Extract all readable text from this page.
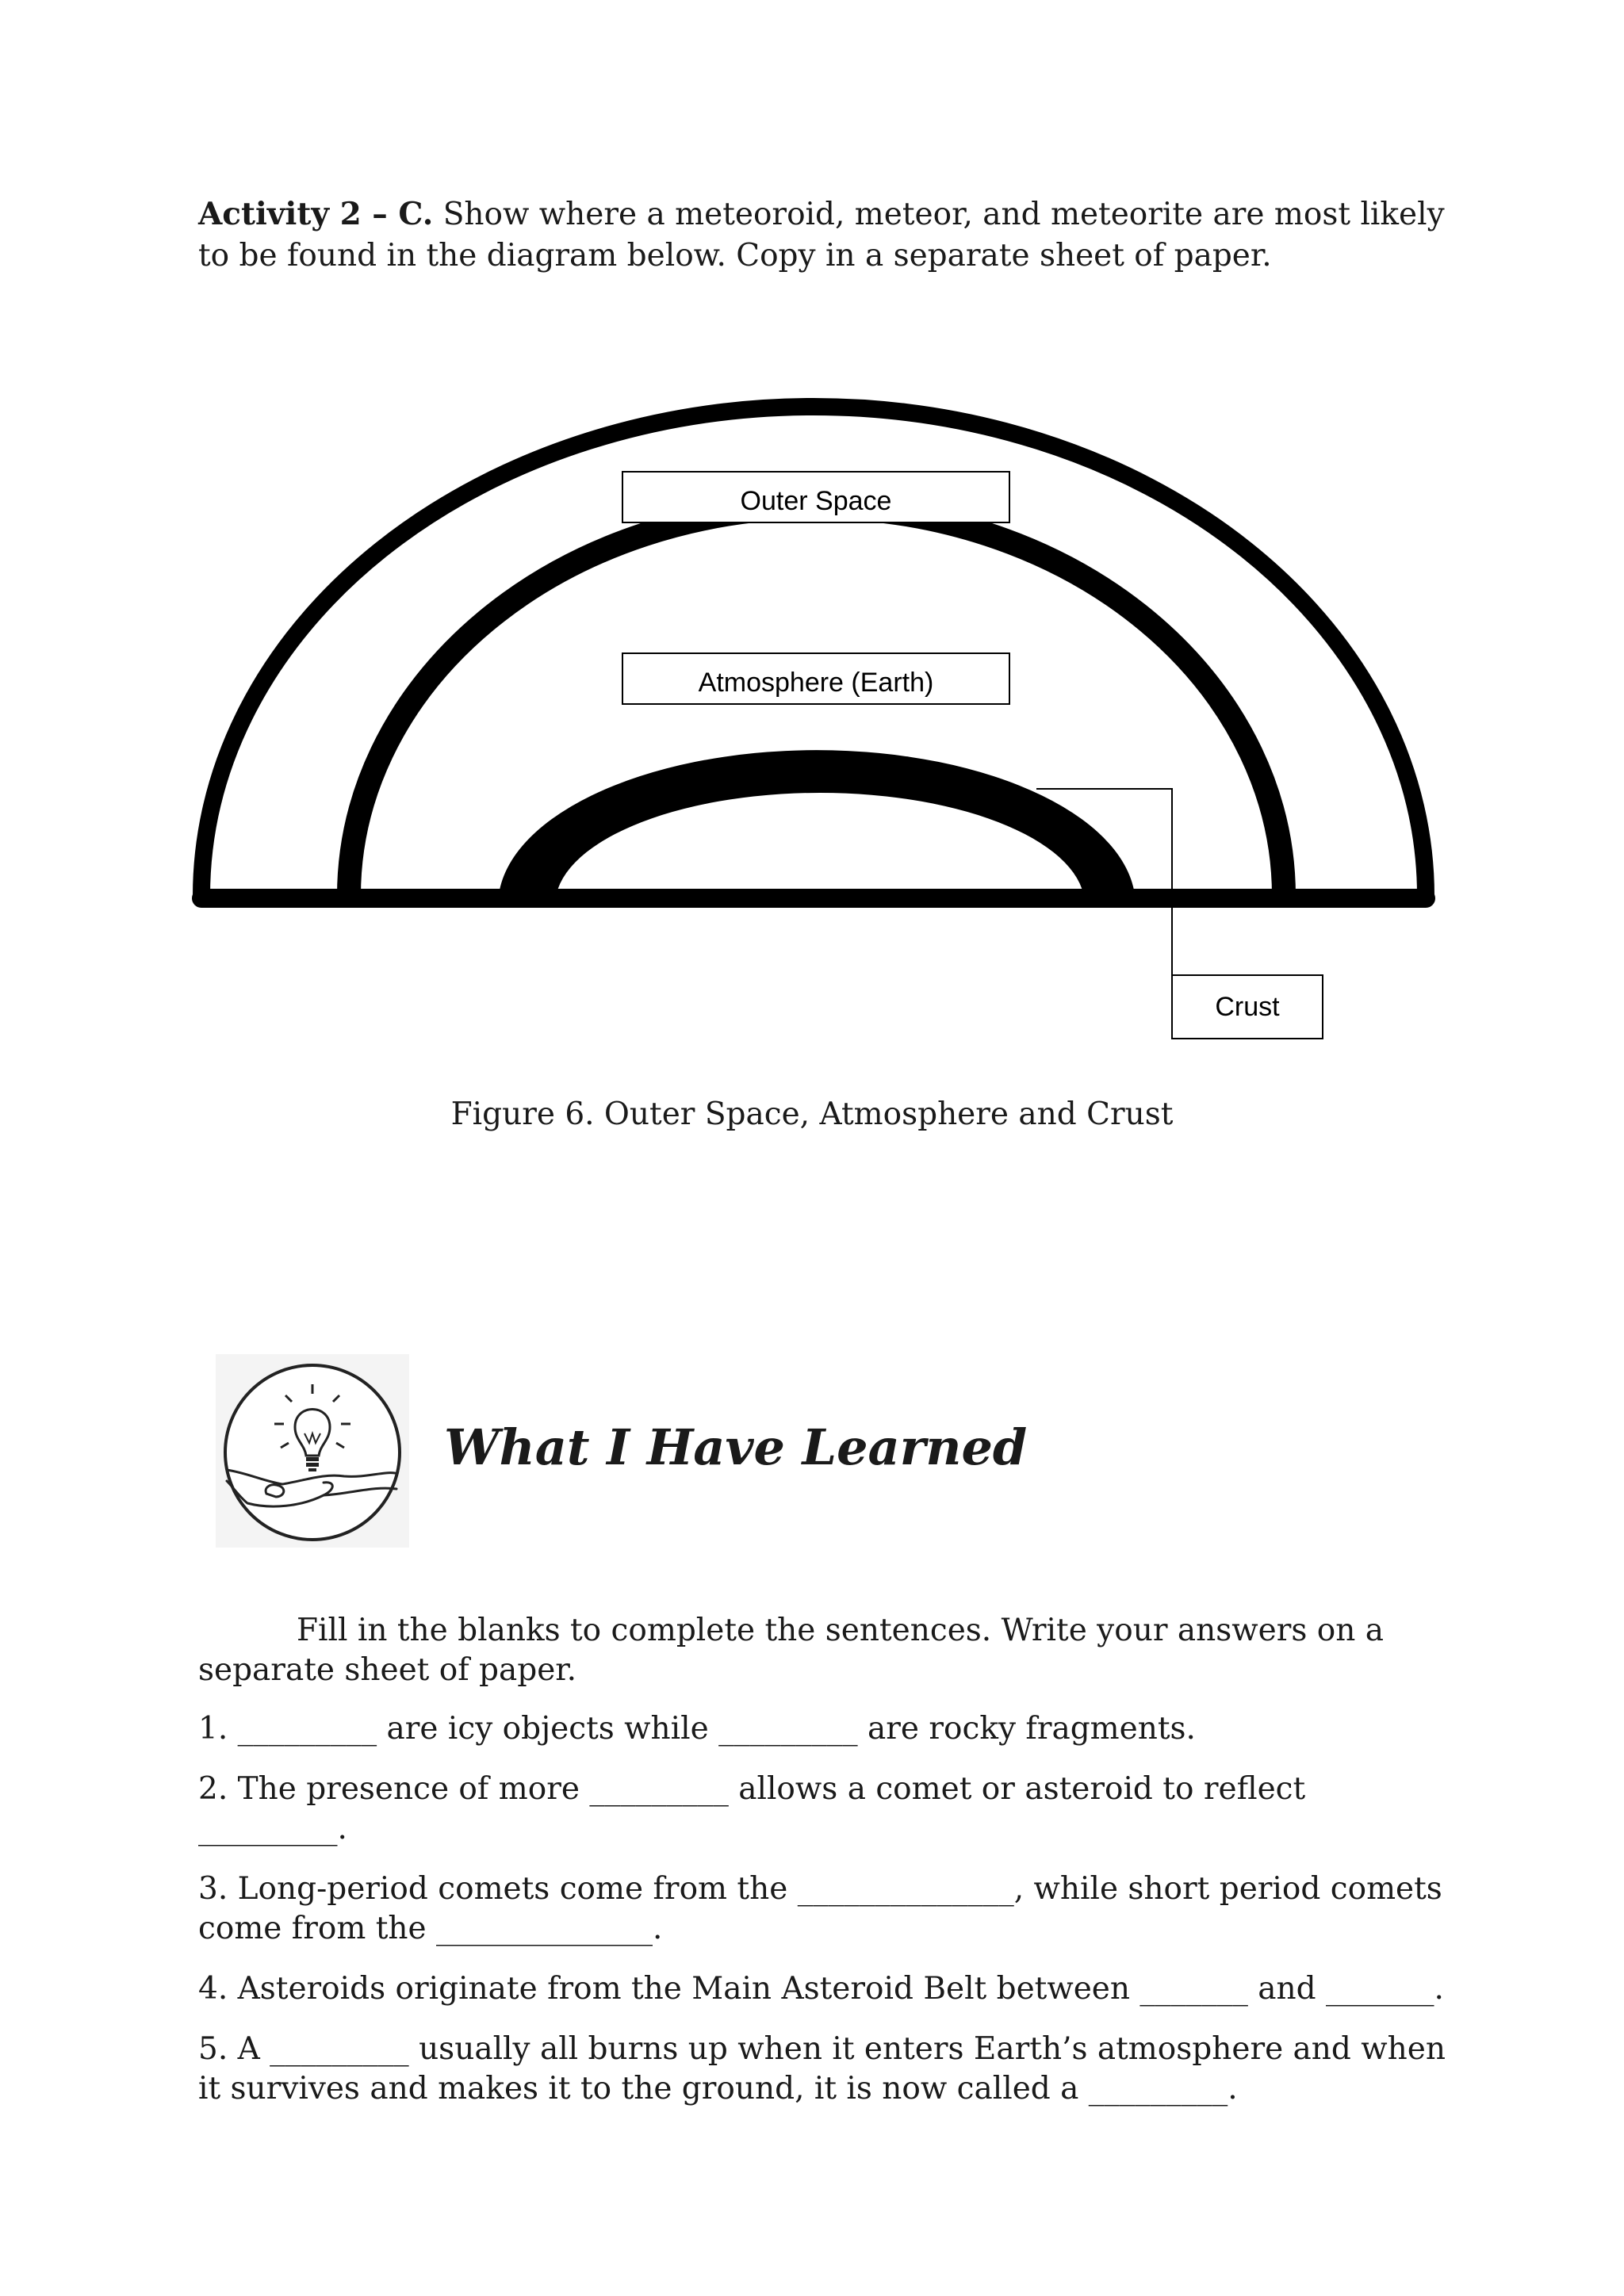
Activity 2 – C. Show where a meteoroid, meteor, and meteorite are most likely to be found in the diagram below. Copy in a separate sheet of paper.
Outer Space
Atmosphere (Earth)
Crust
Figure 6. Outer Space, Atmosphere and Crust
What I Have Learned
Fill in the blanks to complete the sentences. Write your answers on a separate sheet of paper.
1. _________ are icy objects while _________ are rocky fragments.
2. The presence of more _________ allows a comet or asteroid to reflect _________.
3. Long-period comets come from the ______________, while short period comets come from the ______________.
4. Asteroids originate from the Main Asteroid Belt between _______ and _______.
5. A _________ usually all burns up when it enters Earth’s atmosphere and when it survives and makes it to the ground, it is now called a _________.
